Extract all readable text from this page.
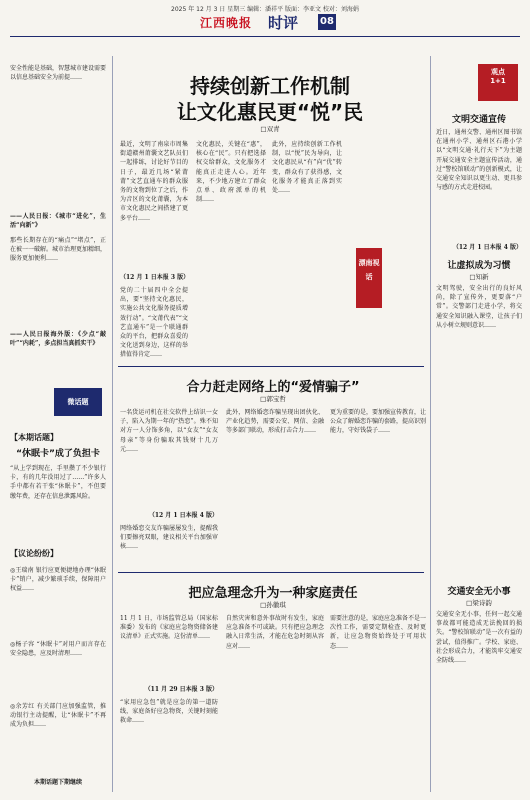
2025 年 12 月 3 日 星期三 编辑：潘祥平 版面：李亚文 校对：刘海娟
江西晚报 时评 08
安全性能是基础，智慧城市建设需要以信息基础安全为前提……
——人民日报：《城市“进化”，生活“向新”》
那些长期存在的“痛点”“堵点”，正在被一一破解。城市治理更加精细，服务更加便利……
——人民日报海外版：《少点“敲叶”“内耗”，多点担当真抓实干》
微话题
【本期话题】
“休眠卡”成了负担卡
“从上学到现在，手里攒了不少银行卡，有的几年没用过了……”许多人手中都有若干张“休眠卡”，不但要缴年费，还存在信息泄露风险。
【议论纷纷】
◎王瑞南 银行应更便捷地办理“休眠卡”销户，减少繁琐手续，保障用户权益……
◎杨子容 “休眠卡”对用户而言存在安全隐患，应及时清理……
◎余芳红 有关部门应加强监管，推动银行主动提醒，让“休眠卡”不再成为负担……
本期话题下期继续
持续创新工作机制
让文化惠民更“悦”民
□双青
观点
1+1
最近，文明了南泉市周集街道赣州莆囊文艺队员们一起排练，讨论好节目的日子，最近几场“紧莆莆”文艺直通车的群众服务的文物到位了之后，作为音区的文化莆囊，为本市文化惠民之间搭建了更多平台……
（12 月 1 日本报 3 版）
党的二十届四中全会提出，要“坚持文化惠民，实施公共文化服务提质增效行动”。“文莆代表”“文艺直通车”是一个联通群众的平台，把群众喜爱的文化送到身边，这样的举措值得肯定……
文化惠民，关键在“惠”，核心在“民”。只有把选择权交给群众，文化服务才能真正走进人心。近年来，不少地方建立了群众点单、政府派单的机制……
此外，应持续创新工作机制，以“悦”民为导向，让文化惠民从“有”向“优”转变，群众有了获得感，文化服务才能真正落到实处……
漂南视话
合力赶走网络上的“爱情骗子”
□郭宝哲
一名货运司机在社交软件上结识一女子，陷入为期一年的“热恋”。殊不知对方一人分饰多角，以“女友”“女友母亲”等身份骗取其钱财十几万元……
（12 月 1 日本报 4 版）
网络婚恋交友诈骗屡屡发生，提醒我们要擦亮双眼，建议相关平台加强审核……
此外，网络婚恋诈骗呈现出团伙化、产业化趋势，需要公安、网信、金融等多部门联动，形成打击合力……
更为重要的是，要加强宣传教育，让公众了解婚恋诈骗的套路，提高识别能力，守好钱袋子……
把应急理念升为一种家庭责任
□孙徽琪
11 月 1 日，市场监管总局（国家标准委）发布的《家庭应急物资储备建议清单》正式实施。这份清单……
（11 月 29 日本报 3 版）
“家用应急包”就是应急的第一道防线，家庭备好应急物资，关键时刻能救命……
自然灾害和意外事故时有发生，家庭应急准备不可或缺。只有把应急理念融入日常生活，才能在危急时刻从容应对……
需要注意的是，家庭应急准备不是一次性工作，需要定期检查、及时更新，让应急物资始终处于可用状态……
文明交通宣传
近日，通州交警、通州区图书馆在通州小学、通州区石港小学以“文明交通·礼行天下”为主题开展交通安全主题宣传活动，通过“警校馆联动”的创新模式，让交通安全知识以更生动、更具参与感的方式走进校园。
（12 月 1 日本报 4 版）
让虚拟成为习惯
□知新
文明驾驶，安全出行的良好风尚，除了宣传外，更要落“户常”。交警部门走进小学，将交通安全知识融入课堂，让孩子们从小树立规则意识……
交通安全无小事
□梁诗韵
交通安全无小事，任何一起交通事故都可能造成无法挽回的损失。“警校馆联动”是一次有益的尝试，值得推广。学校、家庭、社会形成合力，才能筑牢交通安全防线……
